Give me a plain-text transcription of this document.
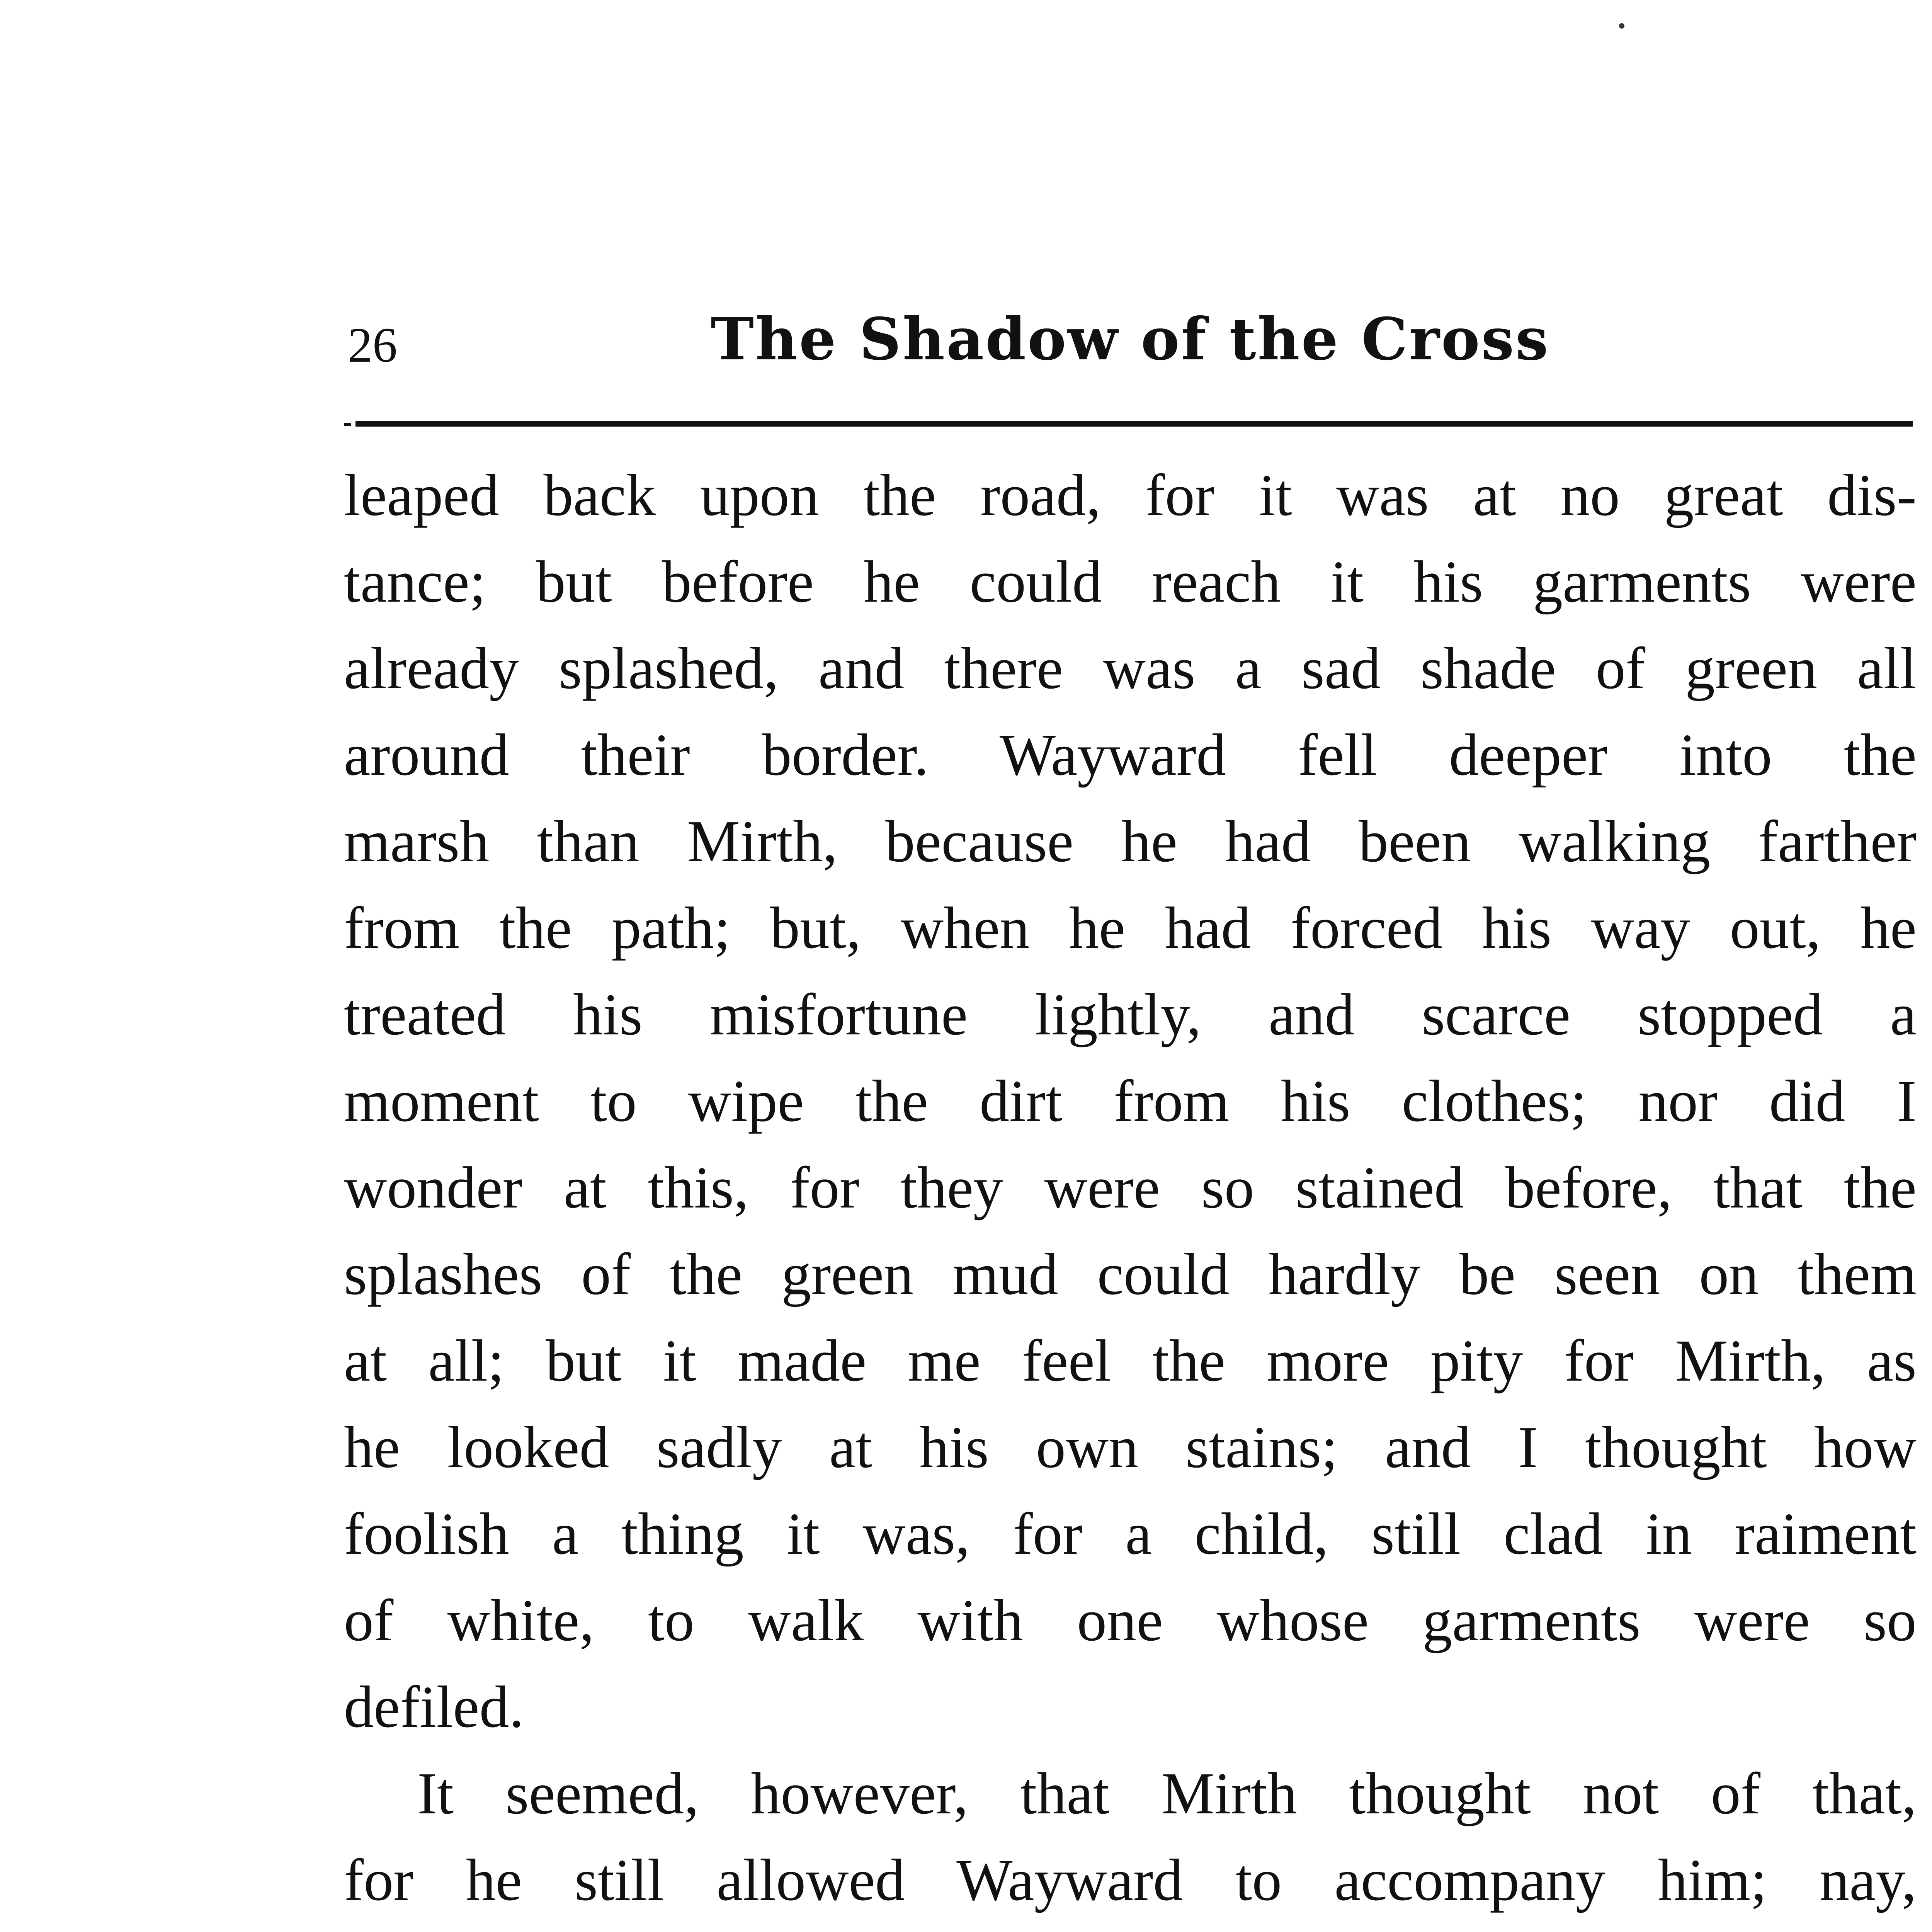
26	The Shadow of the Cross
leaped back upon the road, for it was at no great dis-
tance; but before he could reach it his garments were
already splashed, and there was a sad shade of green all
around their border. Wayward fell deeper into the
marsh than Mirth, because he had been walking farther
from the path; but, when he had forced his way out, he
treated his misfortune lightly, and scarce stopped a
moment to wipe the dirt from his clothes; nor did I
wonder at this, for they were so stained before, that the
splashes of the green mud could hardly be seen on them
at all; but it made me feel the more pity for Mirth, as
he looked sadly at his own stains; and I thought how
foolish a thing it was, for a child, still clad in raiment
of white, to walk with one whose garments were so
defiled.
It seemed, however, that Mirth thought not of that,
for he still allowed Wayward to accompany him; nay,
